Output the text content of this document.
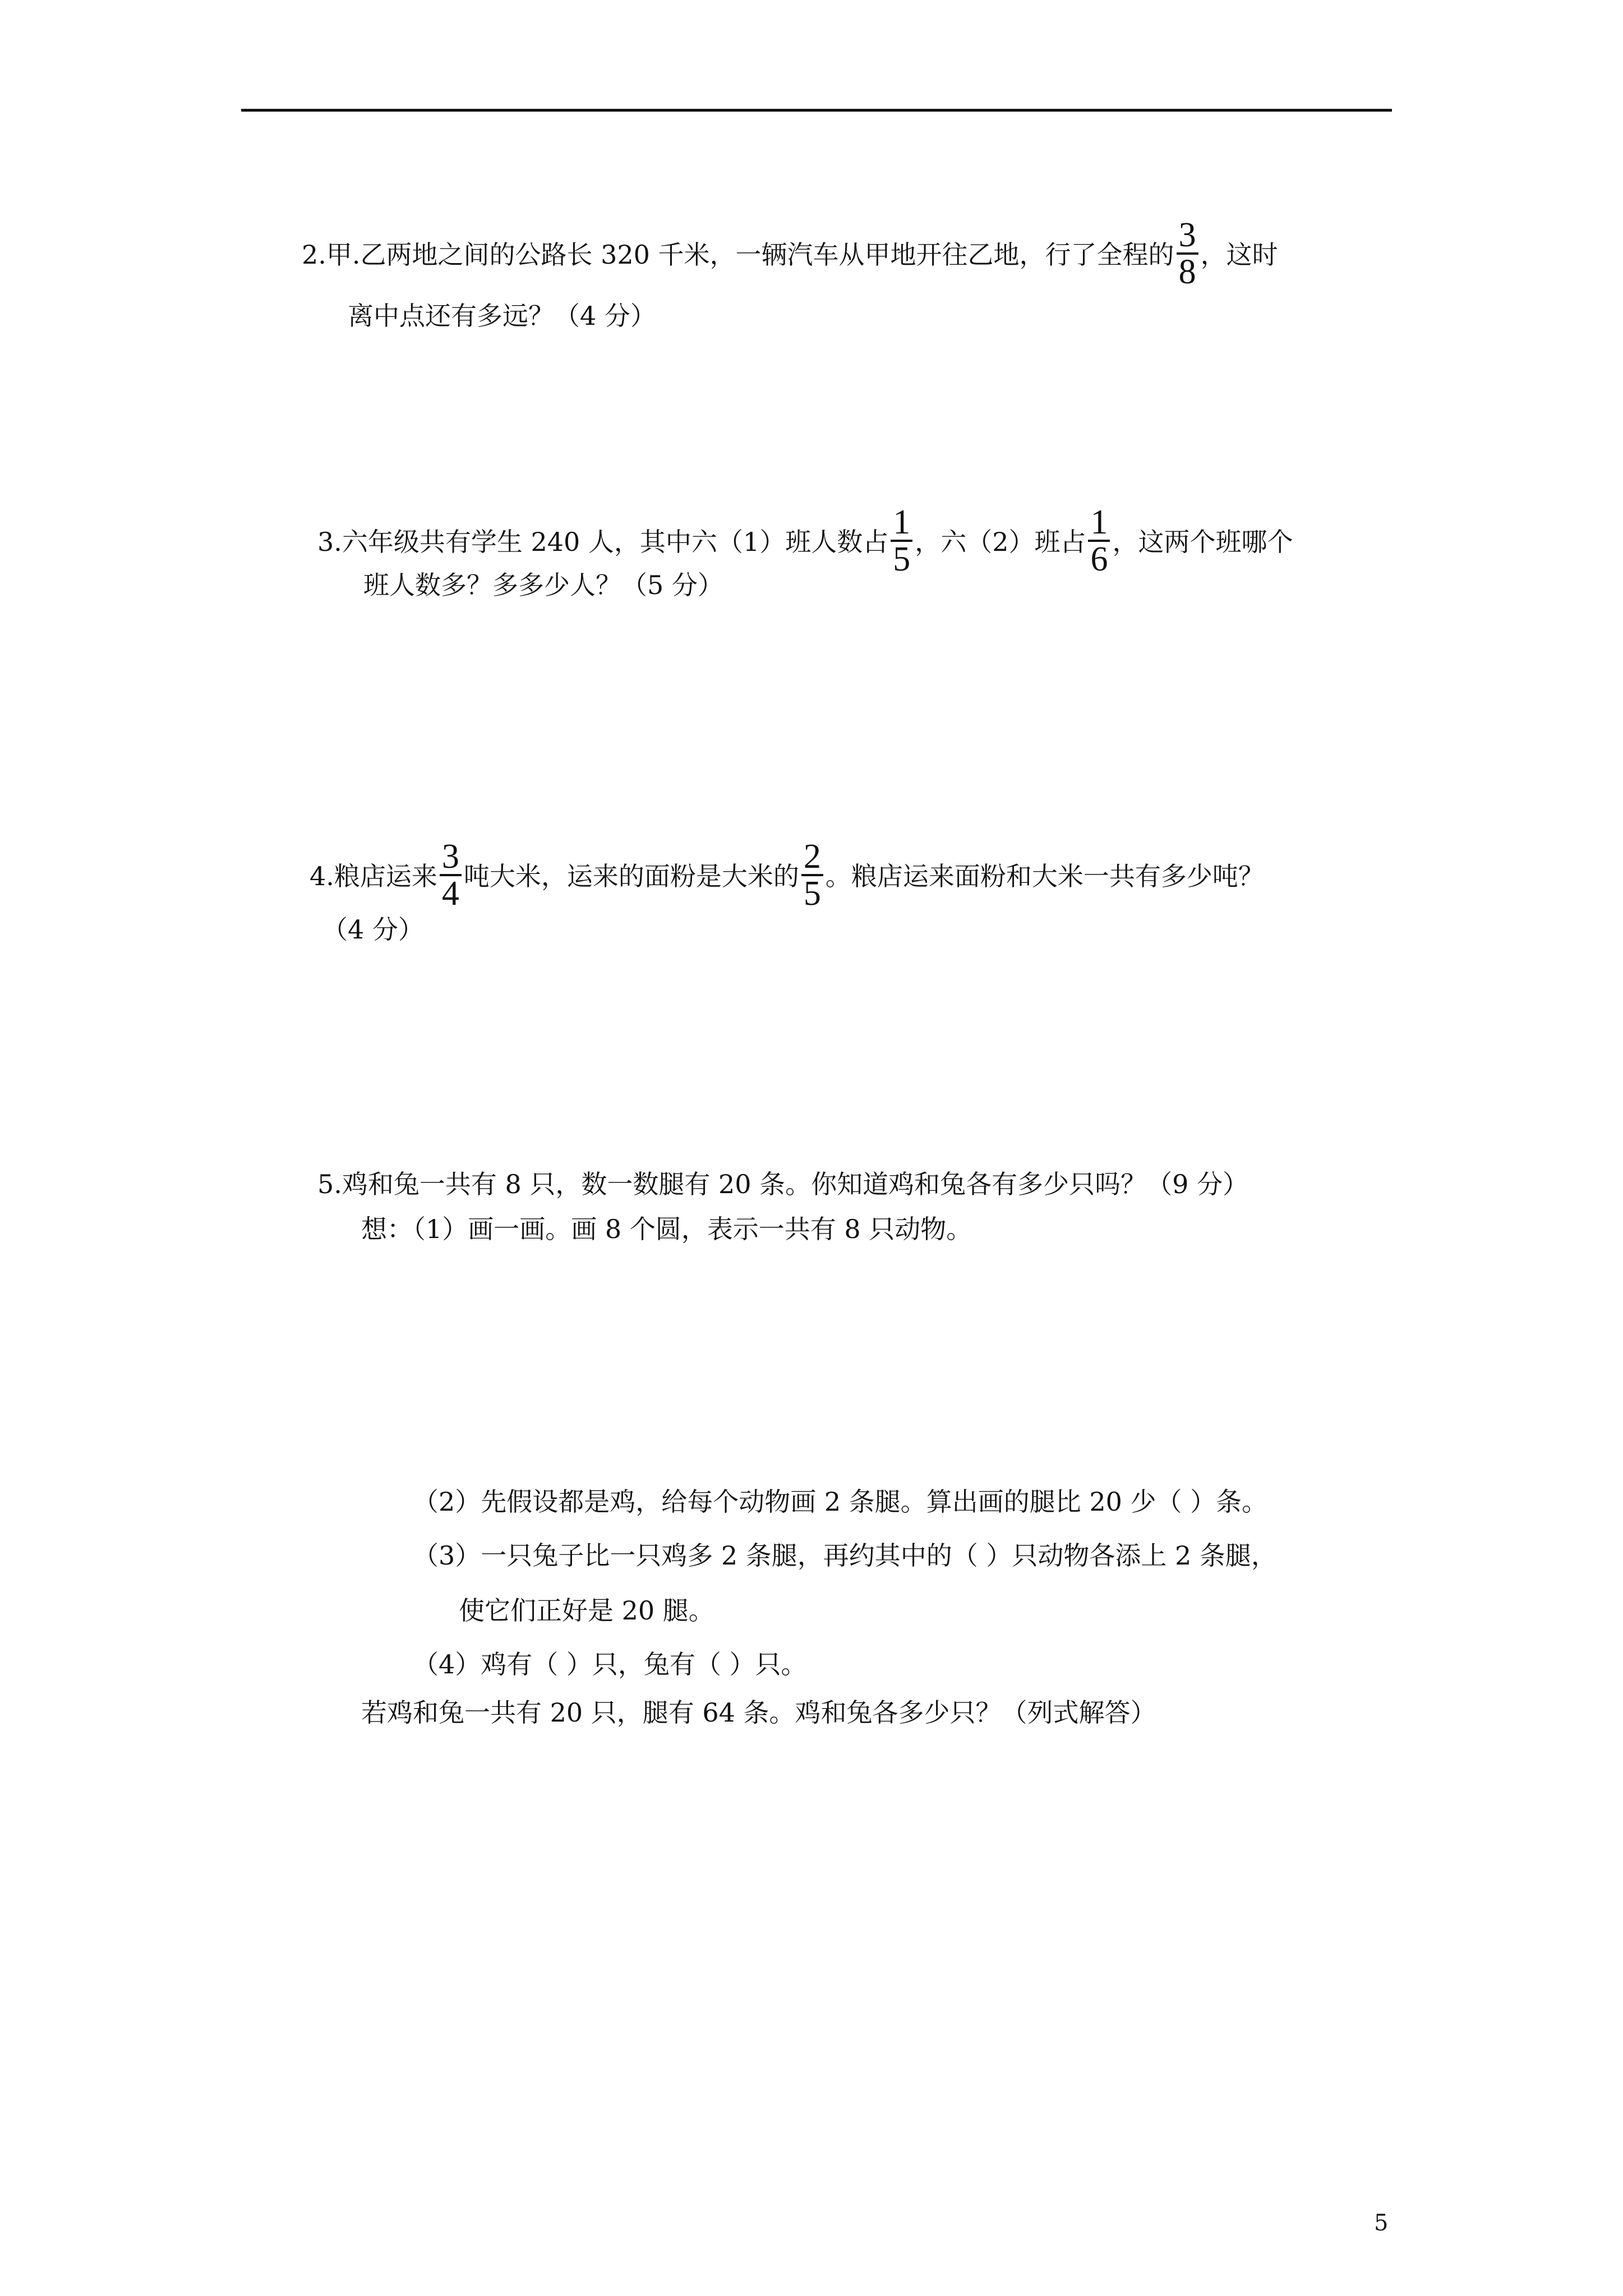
2.甲.乙两地之间的公路长 320 千米，一辆汽车从甲地开往乙地，行了全程的 $\frac{3}{8}$ ，这时
离中点还有多远？（4 分）
3.六年级共有学生 240 人，其中六（1）班人数占 $\frac{1}{5}$ ，六（2）班占 $\frac{1}{6}$ ，这两个班哪个
班人数多？多多少人？（5 分）
4.粮店运来 $\frac{3}{4}$ 吨大米，运来的面粉是大米的 $\frac{2}{5}$ 。粮店运来面粉和大米一共有多少吨？
（4 分）
5.鸡和兔一共有 8 只，数一数腿有 20 条。你知道鸡和兔各有多少只吗？（9 分）
想：（1）画一画。画 8 个圆，表示一共有 8 只动物。
（2）先假设都是鸡，给每个动物画 2 条腿。算出画的腿比 20 少（ ）条。
（3）一只兔子比一只鸡多 2 条腿，再约其中的（ ）只动物各添上 2 条腿，
使它们正好是 20 腿。
（4）鸡有（ ）只，兔有（ ）只。
若鸡和兔一共有 20 只，腿有 64 条。鸡和兔各多少只？（列式解答）
5
